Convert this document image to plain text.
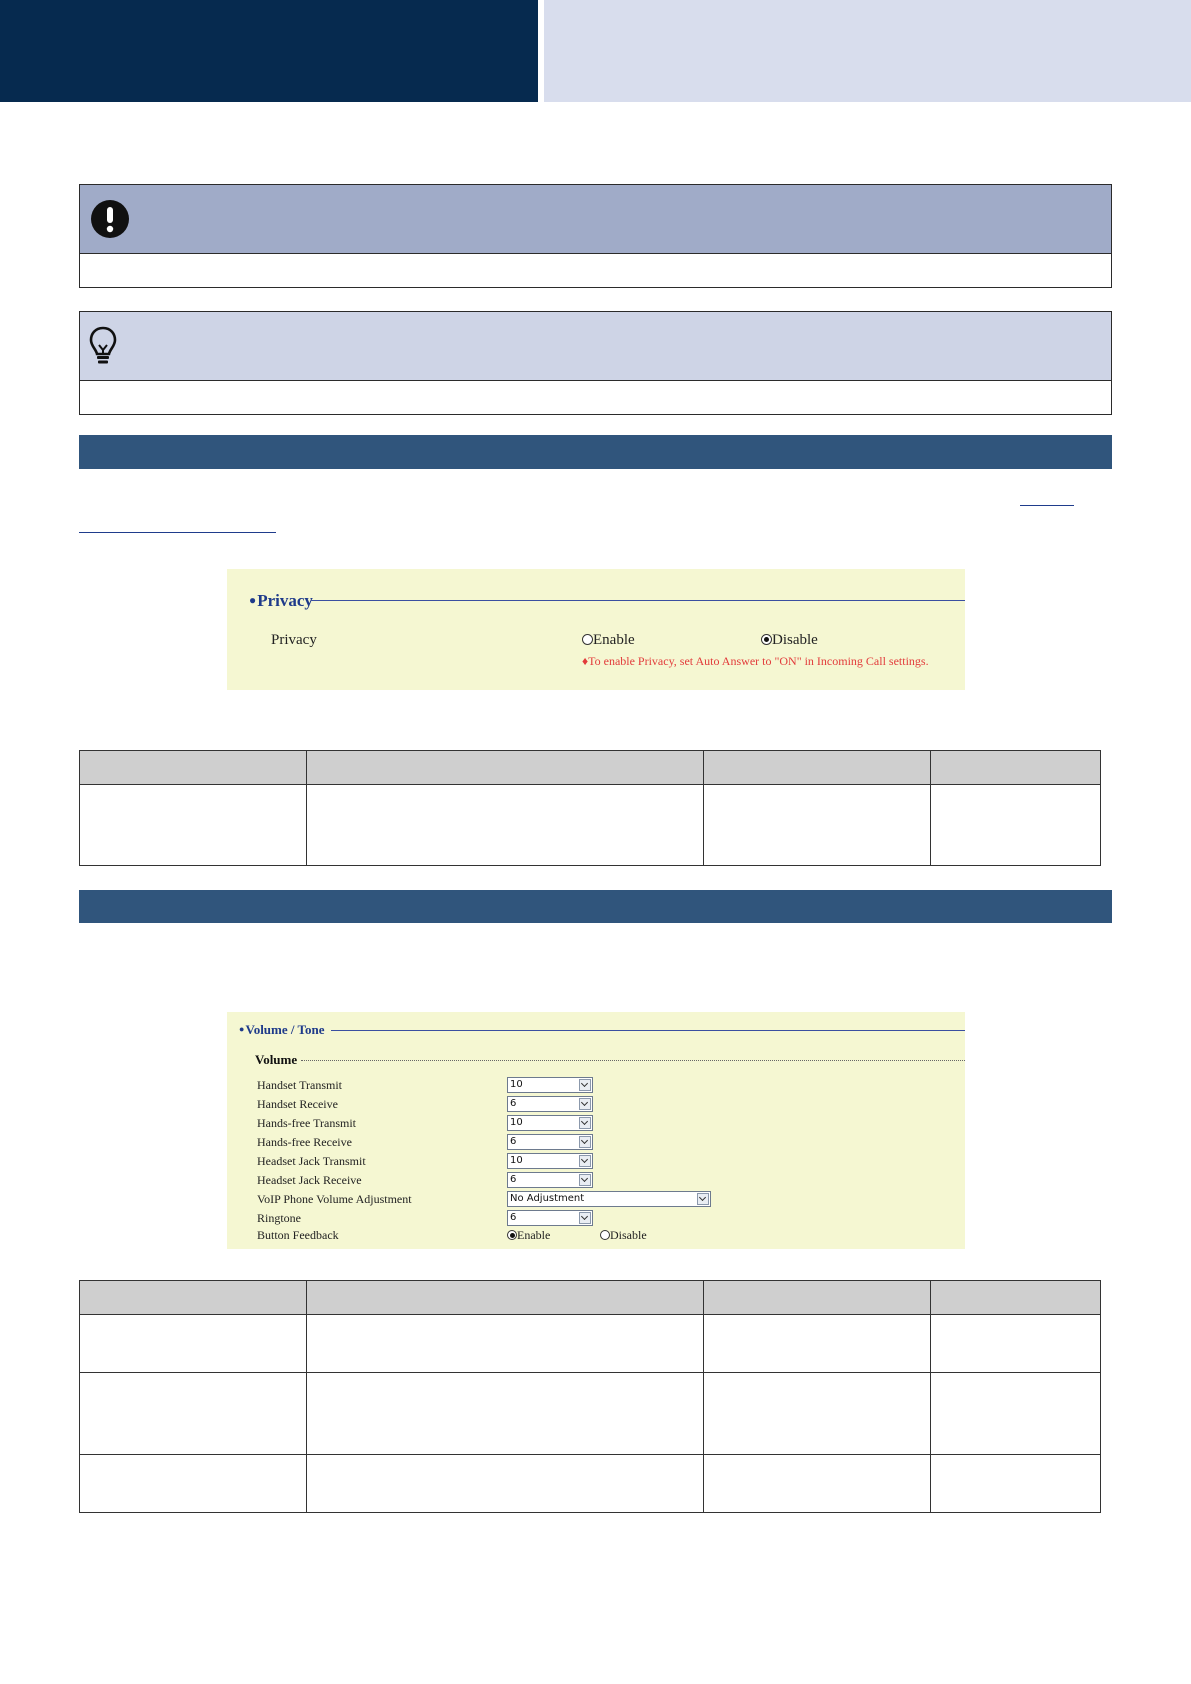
●Privacy
Privacy	Enable	Disable
♦To enable Privacy, set Auto Answer to "ON" in Incoming Call settings.

●Volume / Tone
Volume
Handset Transmit	10
Handset Receive	6
Hands-free Transmit	10
Hands-free Receive	6
Headset Jack Transmit	10
Headset Jack Receive	6
VoIP Phone Volume Adjustment	No Adjustment
Ringtone	6
Button Feedback	Enable	Disable
